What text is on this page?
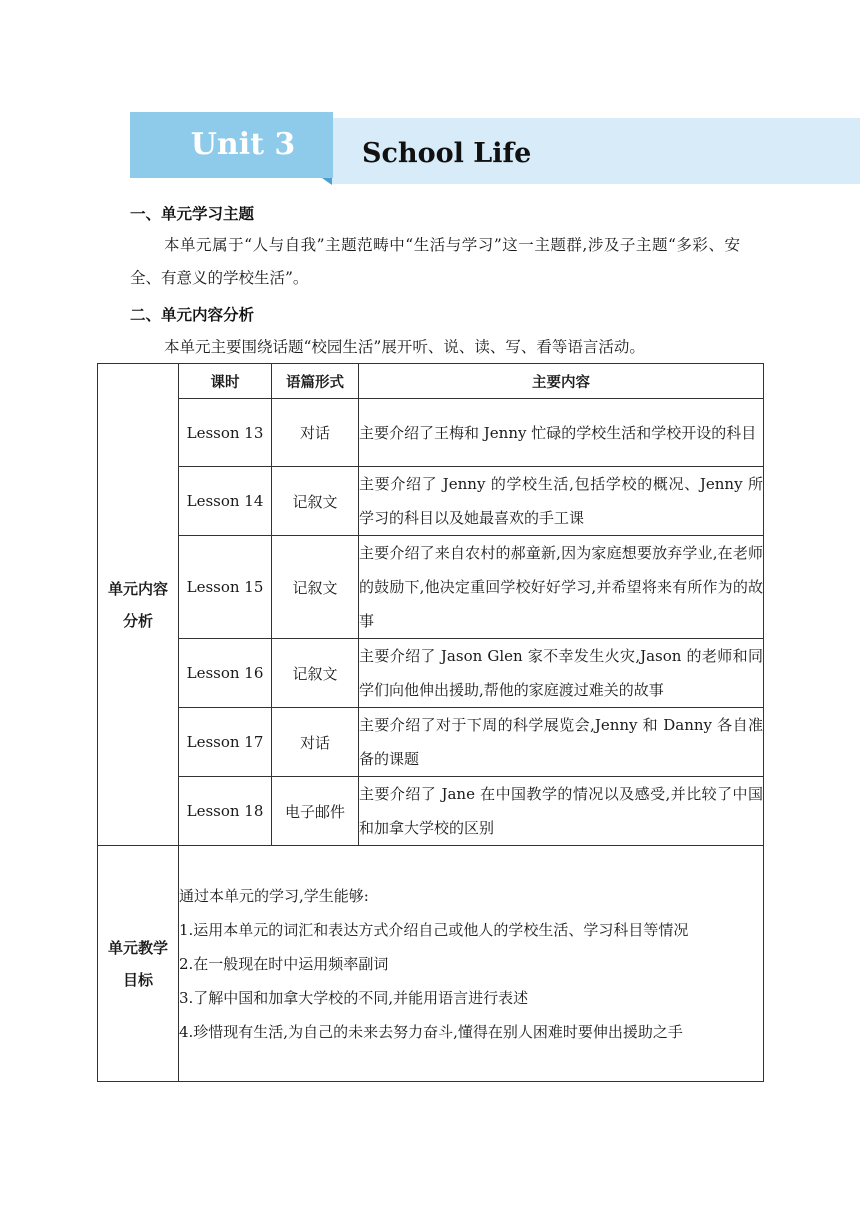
Unit 3	School Life
一、单元学习主题
本单元属于“人与自我”主题范畴中“生活与学习”这一主题群,涉及子主题“多彩、安全、有意义的学校生活”。
二、单元内容分析
本单元主要围绕话题“校园生活”展开听、说、读、写、看等语言活动。
单元内容分析	课时	语篇形式	主要内容
	Lesson 13	对话	主要介绍了王梅和 Jenny 忙碌的学校生活和学校开设的科目
	Lesson 14	记叙文	主要介绍了 Jenny 的学校生活,包括学校的概况、Jenny 所学习的科目以及她最喜欢的手工课
	Lesson 15	记叙文	主要介绍了来自农村的郝童新,因为家庭想要放弃学业,在老师的鼓励下,他决定重回学校好好学习,并希望将来有所作为的故事
	Lesson 16	记叙文	主要介绍了 Jason Glen 家不幸发生火灾,Jason 的老师和同学们向他伸出援助,帮他的家庭渡过难关的故事
	Lesson 17	对话	主要介绍了对于下周的科学展览会,Jenny 和 Danny 各自准备的课题
	Lesson 18	电子邮件	主要介绍了 Jane 在中国教学的情况以及感受,并比较了中国和加拿大学校的区别
单元教学目标	通过本单元的学习,学生能够:
1.运用本单元的词汇和表达方式介绍自己或他人的学校生活、学习科目等情况
2.在一般现在时中运用频率副词
3.了解中国和加拿大学校的不同,并能用语言进行表述
4.珍惜现有生活,为自己的未来去努力奋斗,懂得在别人困难时要伸出援助之手		
